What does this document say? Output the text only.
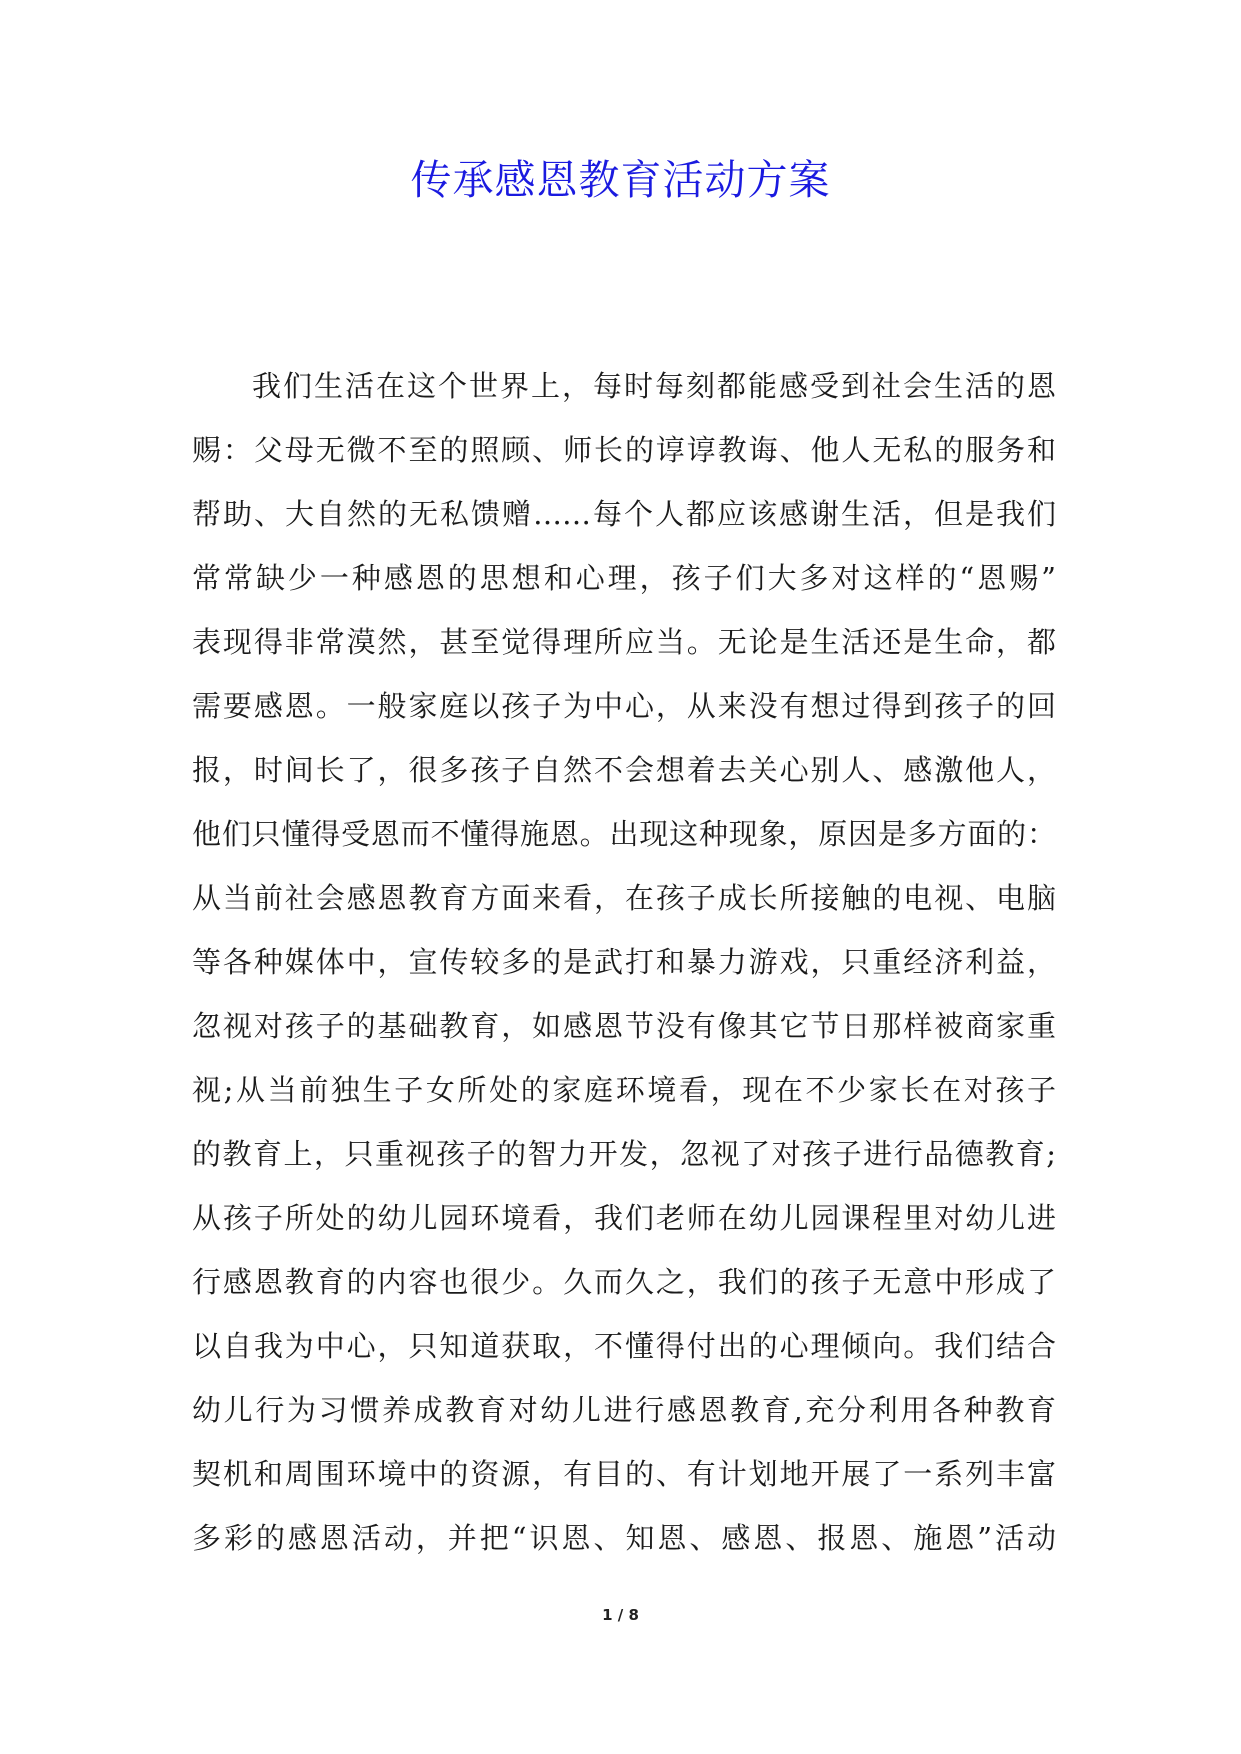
传承感恩教育活动方案
我们生活在这个世界上，每时每刻都能感受到社会生活的恩
赐：父母无微不至的照顾、师长的谆谆教诲、他人无私的服务和
帮助、大自然的无私馈赠……每个人都应该感谢生活，但是我们
常常缺少一种感恩的思想和心理，孩子们大多对这样的“恩赐”
表现得非常漠然，甚至觉得理所应当。无论是生活还是生命，都
需要感恩。一般家庭以孩子为中心，从来没有想过得到孩子的回
报，时间长了，很多孩子自然不会想着去关心别人、感激他人，
他们只懂得受恩而不懂得施恩。出现这种现象，原因是多方面的：
从当前社会感恩教育方面来看，在孩子成长所接触的电视、电脑
等各种媒体中，宣传较多的是武打和暴力游戏，只重经济利益，
忽视对孩子的基础教育，如感恩节没有像其它节日那样被商家重
视;从当前独生子女所处的家庭环境看，现在不少家长在对孩子
的教育上，只重视孩子的智力开发，忽视了对孩子进行品德教育;
从孩子所处的幼儿园环境看，我们老师在幼儿园课程里对幼儿进
行感恩教育的内容也很少。久而久之，我们的孩子无意中形成了
以自我为中心，只知道获取，不懂得付出的心理倾向。我们结合
幼儿行为习惯养成教育对幼儿进行感恩教育,充分利用各种教育
契机和周围环境中的资源，有目的、有计划地开展了一系列丰富
多彩的感恩活动，并把“识恩、知恩、感恩、报恩、施恩”活动
1 / 8
